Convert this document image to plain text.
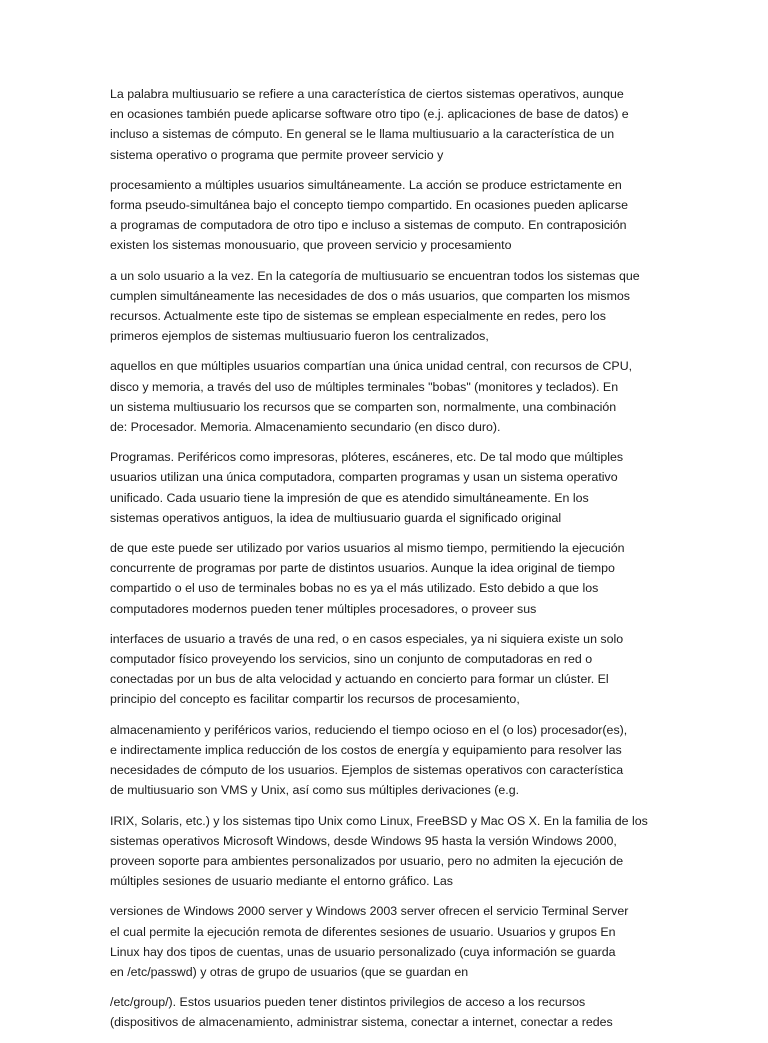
La palabra multiusuario se refiere a una característica de ciertos sistemas operativos, aunque
en ocasiones también puede aplicarse software otro tipo (e.j. aplicaciones de base de datos) e
incluso a sistemas de cómputo. En general se le llama multiusuario a la característica de un
sistema operativo o programa que permite proveer servicio y
procesamiento a múltiples usuarios simultáneamente. La acción se produce estrictamente en
forma pseudo-simultánea bajo el concepto tiempo compartido. En ocasiones pueden aplicarse
a programas de computadora de otro tipo e incluso a sistemas de computo. En contraposición
existen los sistemas monousuario, que proveen servicio y procesamiento
a un solo usuario a la vez. En la categoría de multiusuario se encuentran todos los sistemas que
cumplen simultáneamente las necesidades de dos o más usuarios, que comparten los mismos
recursos. Actualmente este tipo de sistemas se emplean especialmente en redes, pero los
primeros ejemplos de sistemas multiusuario fueron los centralizados,
aquellos en que múltiples usuarios compartían una única unidad central, con recursos de CPU,
disco y memoria, a través del uso de múltiples terminales "bobas" (monitores y teclados). En
un sistema multiusuario los recursos que se comparten son, normalmente, una combinación
de: Procesador. Memoria. Almacenamiento secundario (en disco duro).
Programas. Periféricos como impresoras, plóteres, escáneres, etc. De tal modo que múltiples
usuarios utilizan una única computadora, comparten programas y usan un sistema operativo
unificado. Cada usuario tiene la impresión de que es atendido simultáneamente. En los
sistemas operativos antiguos, la idea de multiusuario guarda el significado original
de que este puede ser utilizado por varios usuarios al mismo tiempo, permitiendo la ejecución
concurrente de programas por parte de distintos usuarios. Aunque la idea original de tiempo
compartido o el uso de terminales bobas no es ya el más utilizado. Esto debido a que los
computadores modernos pueden tener múltiples procesadores, o proveer sus
interfaces de usuario a través de una red, o en casos especiales, ya ni siquiera existe un solo
computador físico proveyendo los servicios, sino un conjunto de computadoras en red o
conectadas por un bus de alta velocidad y actuando en concierto para formar un clúster. El
principio del concepto es facilitar compartir los recursos de procesamiento,
almacenamiento y periféricos varios, reduciendo el tiempo ocioso en el (o los) procesador(es),
e indirectamente implica reducción de los costos de energía y equipamiento para resolver las
necesidades de cómputo de los usuarios. Ejemplos de sistemas operativos con característica
de multiusuario son VMS y Unix, así como sus múltiples derivaciones (e.g.
IRIX, Solaris, etc.) y los sistemas tipo Unix como Linux, FreeBSD y Mac OS X. En la familia de los
sistemas operativos Microsoft Windows, desde Windows 95 hasta la versión Windows 2000,
proveen soporte para ambientes personalizados por usuario, pero no admiten la ejecución de
múltiples sesiones de usuario mediante el entorno gráfico. Las
versiones de Windows 2000 server y Windows 2003 server ofrecen el servicio Terminal Server
el cual permite la ejecución remota de diferentes sesiones de usuario. Usuarios y grupos En
Linux hay dos tipos de cuentas, unas de usuario personalizado (cuya información se guarda
en /etc/passwd) y otras de grupo de usuarios (que se guardan en
/etc/group/). Estos usuarios pueden tener distintos privilegios de acceso a los recursos
(dispositivos de almacenamiento, administrar sistema, conectar a internet, conectar a redes
